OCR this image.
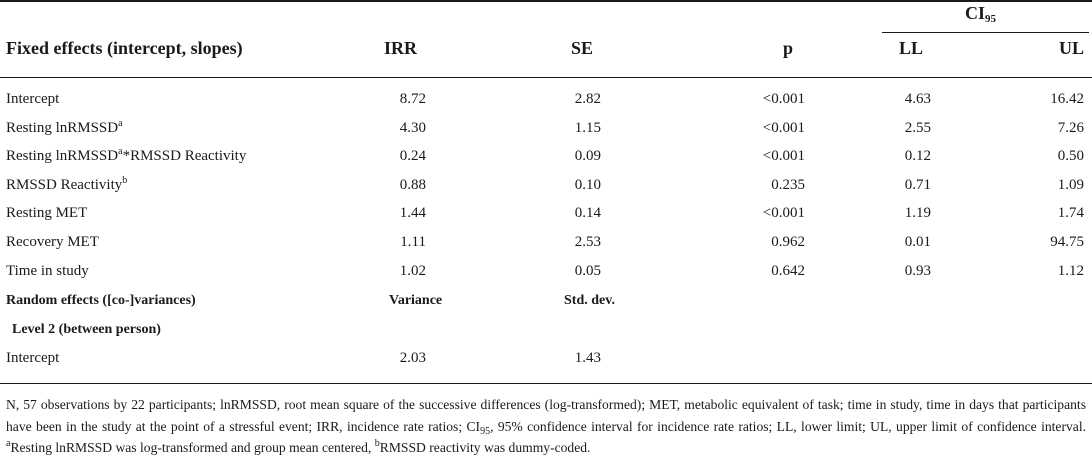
$CI_{95}$
Fixed effects (intercept, slopes)	IRR	SE	p	LL	UL
Intercept	8.72	2.82	<0.001	4.63	16.42
Resting lnRMSSD$^a$	4.30	1.15	<0.001	2.55	7.26
Resting lnRMSSD$^a$*RMSSD Reactivity	0.24	0.09	<0.001	0.12	0.50
RMSSD Reactivity$^b$	0.88	0.10	0.235	0.71	1.09
Resting MET	1.44	0.14	<0.001	1.19	1.74
Recovery MET	1.11	2.53	0.962	0.01	94.75
Time in study	1.02	0.05	0.642	0.93	1.12
Random effects ([co-]variances)	Variance	Std. dev.
Level 2 (between person)
Intercept	2.03	1.43
N, 57 observations by 22 participants; lnRMSSD, root mean square of the successive differences (log-transformed); MET, metabolic equivalent of task; time in study, time in days that participants have been in the study at the point of a stressful event; IRR, incidence rate ratios; $CI_{95}$, 95% confidence interval for incidence rate ratios; LL, lower limit; UL, upper limit of confidence interval. $^a$Resting lnRMSSD was log-transformed and group mean centered, $^b$RMSSD reactivity was dummy-coded.
